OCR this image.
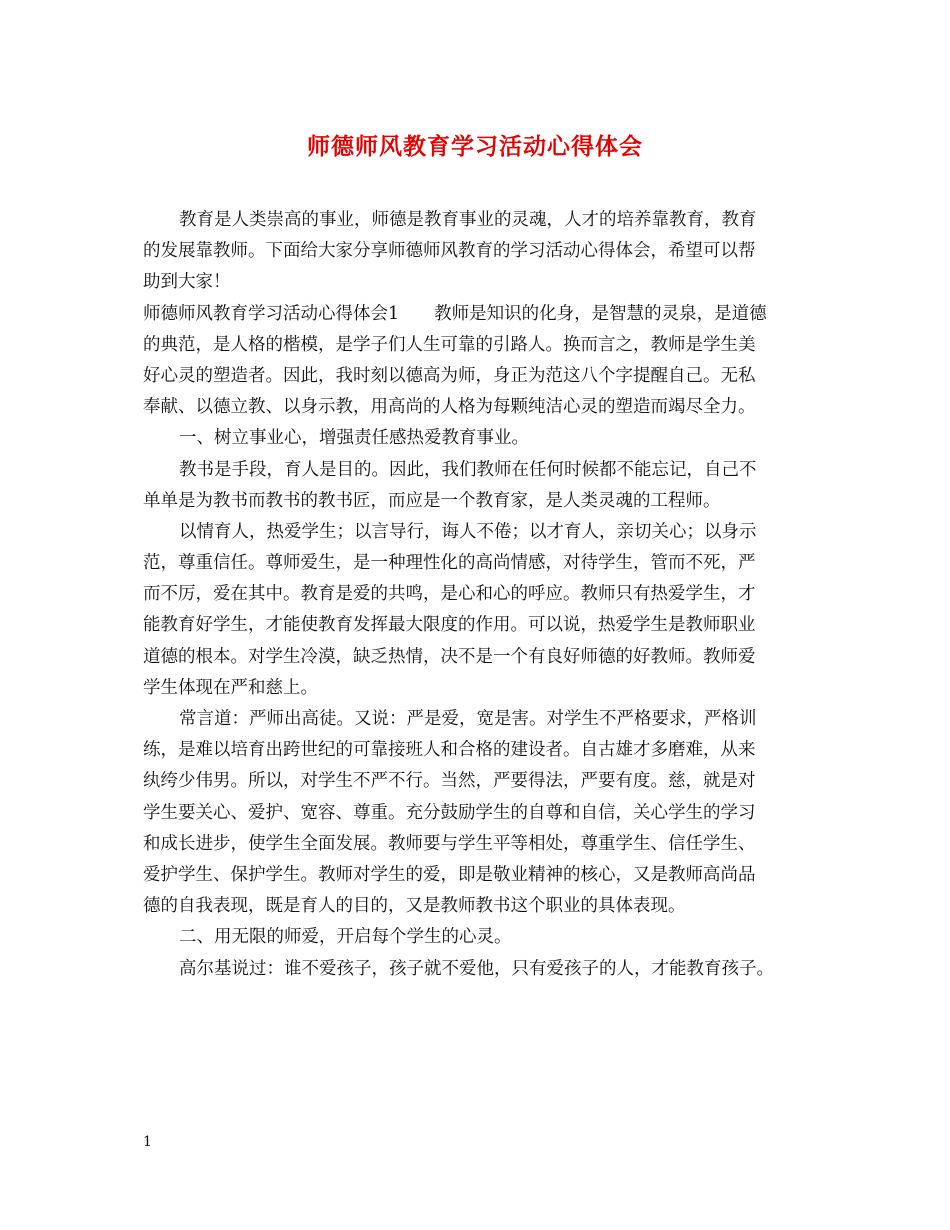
师德师风教育学习活动心得体会
教育是人类崇高的事业，师德是教育事业的灵魂，人才的培养靠教育，教育
的发展靠教师。下面给大家分享师德师风教育的学习活动心得体会，希望可以帮
助到大家！
师德师风教育学习活动心得体会1　　教师是知识的化身，是智慧的灵泉，是道德
的典范，是人格的楷模，是学子们人生可靠的引路人。换而言之，教师是学生美
好心灵的塑造者。因此，我时刻以德高为师，身正为范这八个字提醒自己。无私
奉献、以德立教、以身示教，用高尚的人格为每颗纯洁心灵的塑造而竭尽全力。
一、树立事业心，增强责任感热爱教育事业。
教书是手段，育人是目的。因此，我们教师在任何时候都不能忘记，自己不
单单是为教书而教书的教书匠，而应是一个教育家，是人类灵魂的工程师。
以情育人，热爱学生；以言导行，诲人不倦；以才育人，亲切关心；以身示
范，尊重信任。尊师爱生，是一种理性化的高尚情感，对待学生，管而不死，严
而不厉，爱在其中。教育是爱的共鸣，是心和心的呼应。教师只有热爱学生，才
能教育好学生，才能使教育发挥最大限度的作用。可以说，热爱学生是教师职业
道德的根本。对学生冷漠，缺乏热情，决不是一个有良好师德的好教师。教师爱
学生体现在严和慈上。
常言道：严师出高徒。又说：严是爱，宽是害。对学生不严格要求，严格训
练，是难以培育出跨世纪的可靠接班人和合格的建设者。自古雄才多磨难，从来
纨绔少伟男。所以，对学生不严不行。当然，严要得法，严要有度。慈，就是对
学生要关心、爱护、宽容、尊重。充分鼓励学生的自尊和自信，关心学生的学习
和成长进步，使学生全面发展。教师要与学生平等相处，尊重学生、信任学生、
爱护学生、保护学生。教师对学生的爱，即是敬业精神的核心，又是教师高尚品
德的自我表现，既是育人的目的，又是教师教书这个职业的具体表现。
二、用无限的师爱，开启每个学生的心灵。
高尔基说过：谁不爱孩子，孩子就不爱他，只有爱孩子的人，才能教育孩子。
1
